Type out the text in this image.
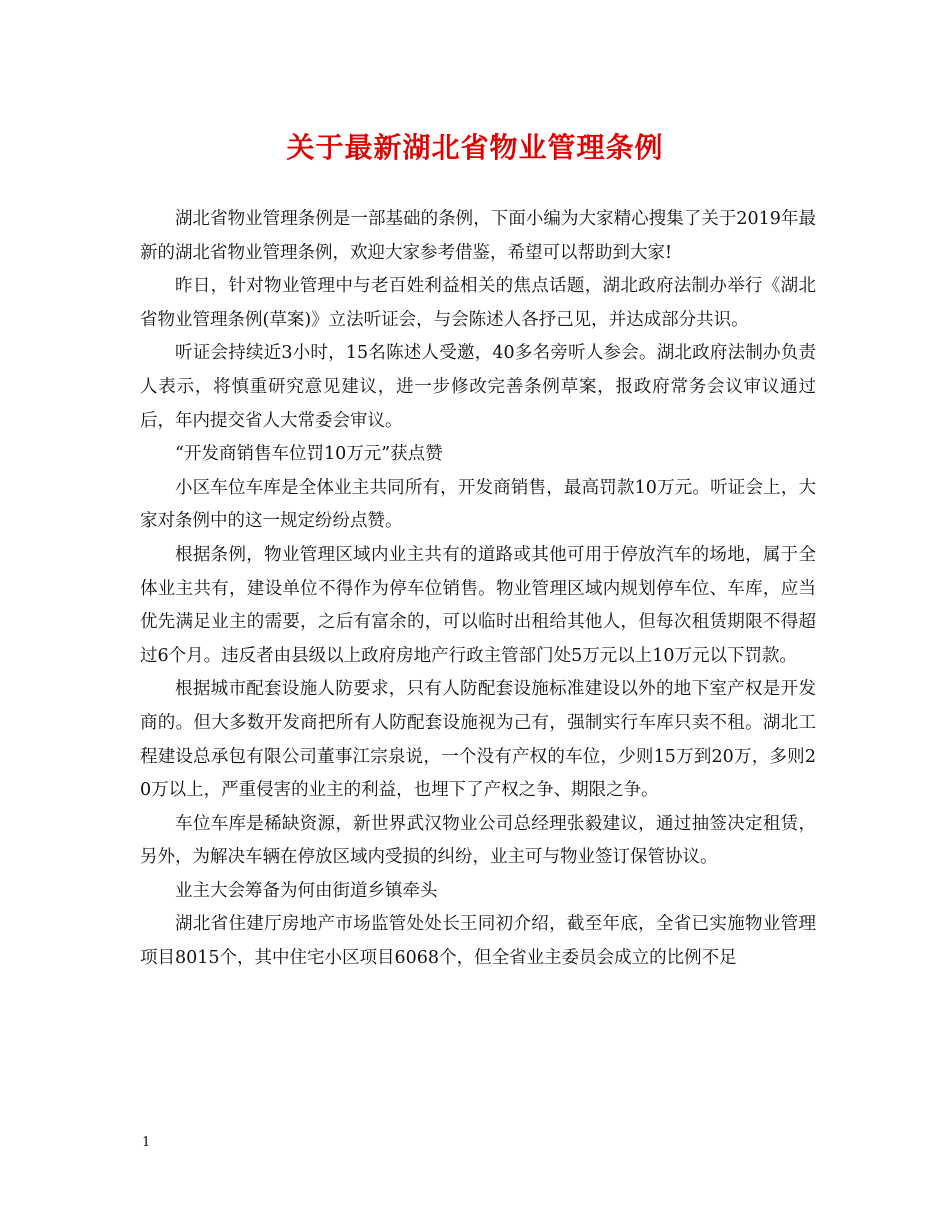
关于最新湖北省物业管理条例

湖北省物业管理条例是一部基础的条例，下面小编为大家精心搜集了关于2019年最新的湖北省物业管理条例，欢迎大家参考借鉴，希望可以帮助到大家!

昨日，针对物业管理中与老百姓利益相关的焦点话题，湖北政府法制办举行《湖北省物业管理条例(草案)》立法听证会，与会陈述人各抒己见，并达成部分共识。

听证会持续近3小时，15名陈述人受邀，40多名旁听人参会。湖北政府法制办负责人表示，将慎重研究意见建议，进一步修改完善条例草案，报政府常务会议审议通过后，年内提交省人大常委会审议。

“开发商销售车位罚10万元”获点赞

小区车位车库是全体业主共同所有，开发商销售，最高罚款10万元。听证会上，大家对条例中的这一规定纷纷点赞。

根据条例，物业管理区域内业主共有的道路或其他可用于停放汽车的场地，属于全体业主共有，建设单位不得作为停车位销售。物业管理区域内规划停车位、车库，应当优先满足业主的需要，之后有富余的，可以临时出租给其他人，但每次租赁期限不得超过6个月。违反者由县级以上政府房地产行政主管部门处5万元以上10万元以下罚款。

根据城市配套设施人防要求，只有人防配套设施标准建设以外的地下室产权是开发商的。但大多数开发商把所有人防配套设施视为己有，强制实行车库只卖不租。湖北工程建设总承包有限公司董事江宗泉说，一个没有产权的车位，少则15万到20万，多则20万以上，严重侵害的业主的利益，也埋下了产权之争、期限之争。

车位车库是稀缺资源，新世界武汉物业公司总经理张毅建议，通过抽签决定租赁，另外，为解决车辆在停放区域内受损的纠纷，业主可与物业签订保管协议。

业主大会筹备为何由街道乡镇牵头

湖北省住建厅房地产市场监管处处长王同初介绍，截至年底，全省已实施物业管理项目8015个，其中住宅小区项目6068个，但全省业主委员会成立的比例不足

1
